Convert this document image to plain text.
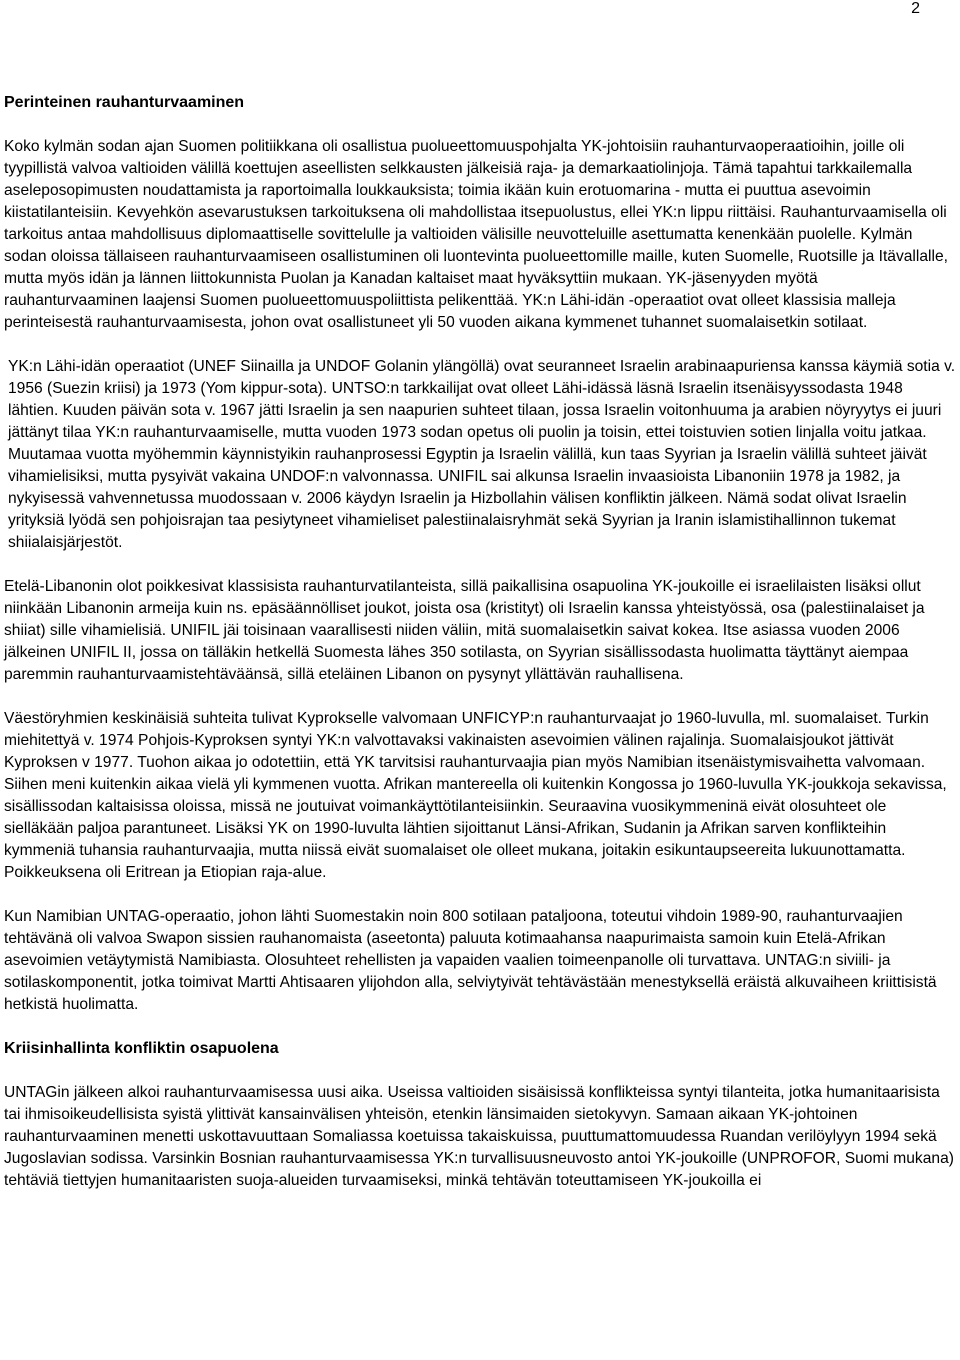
2
Perinteinen rauhanturvaaminen

Koko kylmän sodan ajan Suomen politiikkana oli osallistua puolueettomuuspohjalta YK-johtoisiin rauhanturvaoperaatioihin, joille oli tyypillistä valvoa valtioiden välillä koettujen aseellisten selkkausten jälkeisiä raja- ja demarkaatiolinjoja. Tämä tapahtui tarkkailemalla aseleposopimusten noudattamista ja raportoimalla loukkauksista; toimia ikään kuin erotuomarina - mutta ei puuttua asevoimin kiistatilanteisiin. Kevyehkön asevarustuksen tarkoituksena oli mahdollistaa itsepuolustus, ellei YK:n lippu riittäisi. Rauhanturvaamisella oli tarkoitus antaa mahdollisuus diplomaattiselle sovittelulle ja valtioiden välisille neuvotteluille asettumatta kenenkään puolelle. Kylmän sodan oloissa tällaiseen rauhanturvaamiseen osallistuminen oli luontevinta puolueettomille maille, kuten Suomelle, Ruotsille ja Itävallalle, mutta myös idän ja lännen liittokunnista Puolan ja Kanadan kaltaiset maat hyväksyttiin mukaan. YK-jäsenyyden myötä rauhanturvaaminen laajensi Suomen puolueettomuuspoliittista pelikenttää. YK:n Lähi-idän -operaatiot ovat olleet klassisia malleja perinteisestä rauhanturvaamisesta, johon ovat osallistuneet yli 50 vuoden aikana kymmenet tuhannet suomalaisetkin sotilaat.

YK:n Lähi-idän operaatiot (UNEF Siinailla ja UNDOF Golanin ylängöllä) ovat seuranneet Israelin arabinaapuriensa kanssa käymiä sotia v. 1956 (Suezin kriisi) ja 1973 (Yom kippur-sota). UNTSO:n tarkkailijat ovat olleet Lähi-idässä läsnä Israelin itsenäisyyssodasta 1948 lähtien. Kuuden päivän sota v. 1967 jätti Israelin ja sen naapurien suhteet tilaan, jossa Israelin voitonhuuma ja arabien nöyryytys ei juuri jättänyt tilaa YK:n rauhanturvaamiselle, mutta vuoden 1973 sodan opetus oli puolin ja toisin, ettei toistuvien sotien linjalla voitu jatkaa. Muutamaa vuotta myöhemmin käynnistyikin rauhanprosessi Egyptin ja Israelin välillä, kun taas Syyrian ja Israelin välillä suhteet jäivät vihamielisiksi, mutta pysyivät vakaina UNDOF:n valvonnassa. UNIFIL sai alkunsa Israelin invaasioista Libanoniin 1978 ja 1982, ja nykyisessä vahvennetussa muodossaan v. 2006 käydyn Israelin ja Hizbollahin välisen konfliktin jälkeen. Nämä sodat olivat Israelin yrityksiä lyödä sen pohjoisrajan taa pesiytyneet vihamieliset palestiinalaisryhmät sekä Syyrian ja Iranin islamistihallinnon tukemat shiialaisjärjestöt.

Etelä-Libanonin olot poikkesivat klassisista rauhanturvatilanteista, sillä paikallisina osapuolina YK-joukoille ei israelilaisten lisäksi ollut niinkään Libanonin armeija kuin ns. epäsäännölliset joukot, joista osa (kristityt) oli Israelin kanssa yhteistyössä, osa (palestiinalaiset ja shiiat) sille vihamielisiä. UNIFIL jäi toisinaan vaarallisesti niiden väliin, mitä suomalaisetkin saivat kokea. Itse asiassa vuoden 2006 jälkeinen UNIFIL II, jossa on tälläkin hetkellä Suomesta lähes 350 sotilasta, on Syyrian sisällissodasta huolimatta täyttänyt aiempaa paremmin rauhanturvaamistehtäväänsä, sillä eteläinen Libanon on pysynyt yllättävän rauhallisena.

Väestöryhmien keskinäisiä suhteita tulivat Kyprokselle valvomaan UNFICYP:n rauhanturvaajat jo 1960-luvulla, ml. suomalaiset. Turkin miehitettyä v. 1974 Pohjois-Kyproksen syntyi YK:n valvottavaksi vakinaisten asevoimien välinen rajalinja. Suomalaisjoukot jättivät Kyproksen v 1977. Tuohon aikaa jo odotettiin, että YK tarvitsisi rauhanturvaajia pian myös Namibian itsenäistymisvaihetta valvomaan. Siihen meni kuitenkin aikaa vielä yli kymmenen vuotta. Afrikan mantereella oli kuitenkin Kongossa jo 1960-luvulla YK-joukkoja sekavissa, sisällissodan kaltaisissa oloissa, missä ne joutuivat voimankäyttötilanteisiinkin. Seuraavina vuosikymmeninä eivät olosuhteet ole sielläkään paljoa parantuneet. Lisäksi YK on 1990-luvulta lähtien sijoittanut Länsi-Afrikan, Sudanin ja Afrikan sarven konflikteihin kymmeniä tuhansia rauhanturvaajia, mutta niissä eivät suomalaiset ole olleet mukana, joitakin esikuntaupseereita lukuunottamatta. Poikkeuksena oli Eritrean ja Etiopian raja-alue.

Kun Namibian UNTAG-operaatio, johon lähti Suomestakin noin 800 sotilaan pataljoona, toteutui vihdoin 1989-90, rauhanturvaajien tehtävänä oli valvoa Swapon sissien rauhanomaista (aseetonta) paluuta kotimaahansa naapurimaista samoin kuin Etelä-Afrikan asevoimien vetäytymistä Namibiasta. Olosuhteet rehellisten ja vapaiden vaalien toimeenpanolle oli turvattava. UNTAG:n siviili- ja sotilaskomponentit, jotka toimivat Martti Ahtisaaren ylijohdon alla, selviytyivät tehtävästään menestyksellä eräistä alkuvaiheen kriittisistä hetkistä huolimatta.

Kriisinhallinta konfliktin osapuolena

UNTAGin jälkeen alkoi rauhanturvaamisessa uusi aika. Useissa valtioiden sisäisissä konflikteissa syntyi tilanteita, jotka humanitaarisista tai ihmisoikeudellisista syistä ylittivät kansainvälisen yhteisön, etenkin länsimaiden sietokyvyn. Samaan aikaan YK-johtoinen rauhanturvaaminen menetti uskottavuuttaan Somaliassa koetuissa takaiskuissa, puuttumattomuudessa Ruandan verilöylyyn 1994 sekä Jugoslavian sodissa. Varsinkin Bosnian rauhanturvaamisessa YK:n turvallisuusneuvosto antoi YK-joukoille (UNPROFOR, Suomi mukana) tehtäviä tiettyjen humanitaaristen suoja-alueiden turvaamiseksi, minkä tehtävän toteuttamiseen YK-joukoilla ei
